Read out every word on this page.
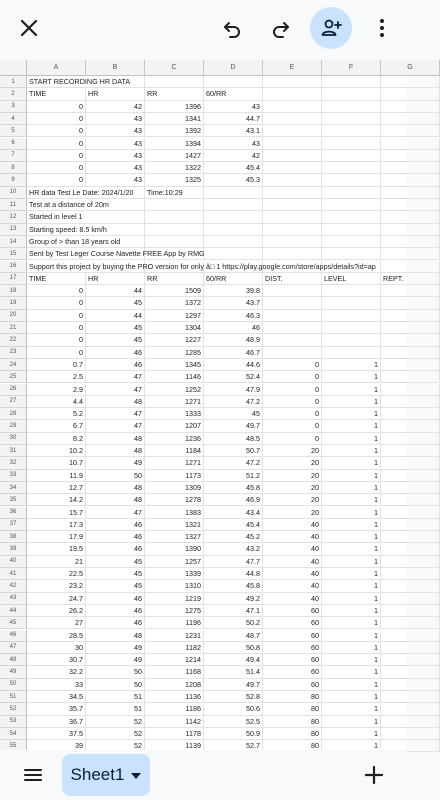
A	B	C	D	E	F	G
1	START RECORDING HR DATA
2	TIME	HR	RR	60/RR
3	0	42	1396	43
4	0	43	1341	44.7
5	0	43	1392	43.1
6	0	43	1394	43
7	0	43	1427	42
8	0	43	1322	45.4
9	0	43	1325	45.3
10	HR data Test Le Date: 2024/1/20 Time:10:29
11	Test at a distance of 20m
12	Started in level 1
13	Starting speed: 8.5 km/h
14	Group of > than 18 years old
15	Sent by Test Leger Course Navette FREE App by RMG
16	Support this project by buying the PRO version for only â□ 1 https://play.google.com/store/apps/details?id=ap
17	TIME	HR	RR	60/RR	DIST.	LEVEL	REPT.
18	0	44	1509	39.8
19	0	45	1372	43.7
20	0	44	1297	46.3
21	0	45	1304	46
22	0	45	1227	48.9
23	0	46	1285	46.7
24	0.7	46	1345	44.6	0	1
25	2.5	47	1146	52.4	0	1
26	2.9	47	1252	47.9	0	1
27	4.4	48	1271	47.2	0	1
28	5.2	47	1333	45	0	1
29	6.7	47	1207	49.7	0	1
30	8.2	48	1236	48.5	0	1
31	10.2	48	1184	50.7	20	1
32	10.7	49	1271	47.2	20	1
33	11.9	50	1173	51.2	20	1
34	12.7	48	1309	45.8	20	1
35	14.2	48	1278	46.9	20	1
36	15.7	47	1383	43.4	20	1
37	17.3	46	1321	45.4	40	1
38	17.9	46	1327	45.2	40	1
39	19.5	46	1390	43.2	40	1
40	21	45	1257	47.7	40	1
41	22.5	45	1339	44.8	40	1
42	23.2	45	1310	45.8	40	1
43	24.7	46	1219	49.2	40	1
44	26.2	46	1275	47.1	60	1
45	27	46	1196	50.2	60	1
46	28.5	48	1231	48.7	60	1
47	30	49	1182	50.8	60	1
48	30.7	49	1214	49.4	60	1
49	32.2	50	1168	51.4	60	1
50	33	50	1208	49.7	60	1
51	34.5	51	1136	52.8	80	1
52	35.7	51	1186	50.6	80	1
53	36.7	52	1142	52.5	80	1
54	37.5	52	1178	50.9	80	1
55	39	52	1139	52.7	80	1
Sheet1
